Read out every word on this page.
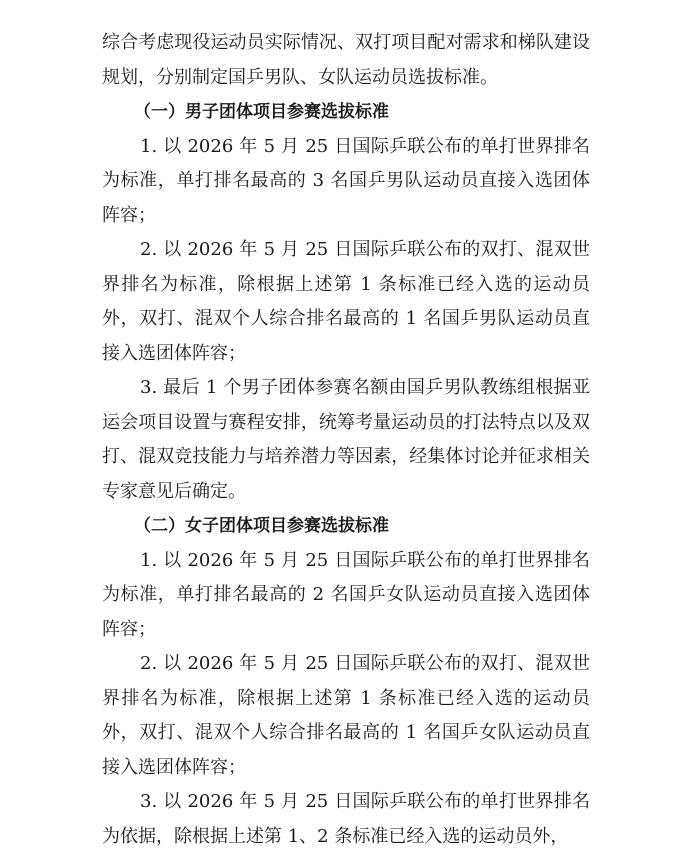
综合考虑现役运动员实际情况、双打项目配对需求和梯队建设规划，分别制定国乒男队、女队运动员选拔标准。

（一）男子团体项目参赛选拔标准

1. 以 2026 年 5 月 25 日国际乒联公布的单打世界排名为标准，单打排名最高的 3 名国乒男队运动员直接入选团体阵容；

2. 以 2026 年 5 月 25 日国际乒联公布的双打、混双世界排名为标准，除根据上述第 1 条标准已经入选的运动员外，双打、混双个人综合排名最高的 1 名国乒男队运动员直接入选团体阵容；

3. 最后 1 个男子团体参赛名额由国乒男队教练组根据亚运会项目设置与赛程安排，统筹考量运动员的打法特点以及双打、混双竞技能力与培养潜力等因素，经集体讨论并征求相关专家意见后确定。

（二）女子团体项目参赛选拔标准

1. 以 2026 年 5 月 25 日国际乒联公布的单打世界排名为标准，单打排名最高的 2 名国乒女队运动员直接入选团体阵容；

2. 以 2026 年 5 月 25 日国际乒联公布的双打、混双世界排名为标准，除根据上述第 1 条标准已经入选的运动员外，双打、混双个人综合排名最高的 1 名国乒女队运动员直接入选团体阵容；

3. 以 2026 年 5 月 25 日国际乒联公布的单打世界排名为依据，除根据上述第 1、2 条标准已经入选的运动员外，
